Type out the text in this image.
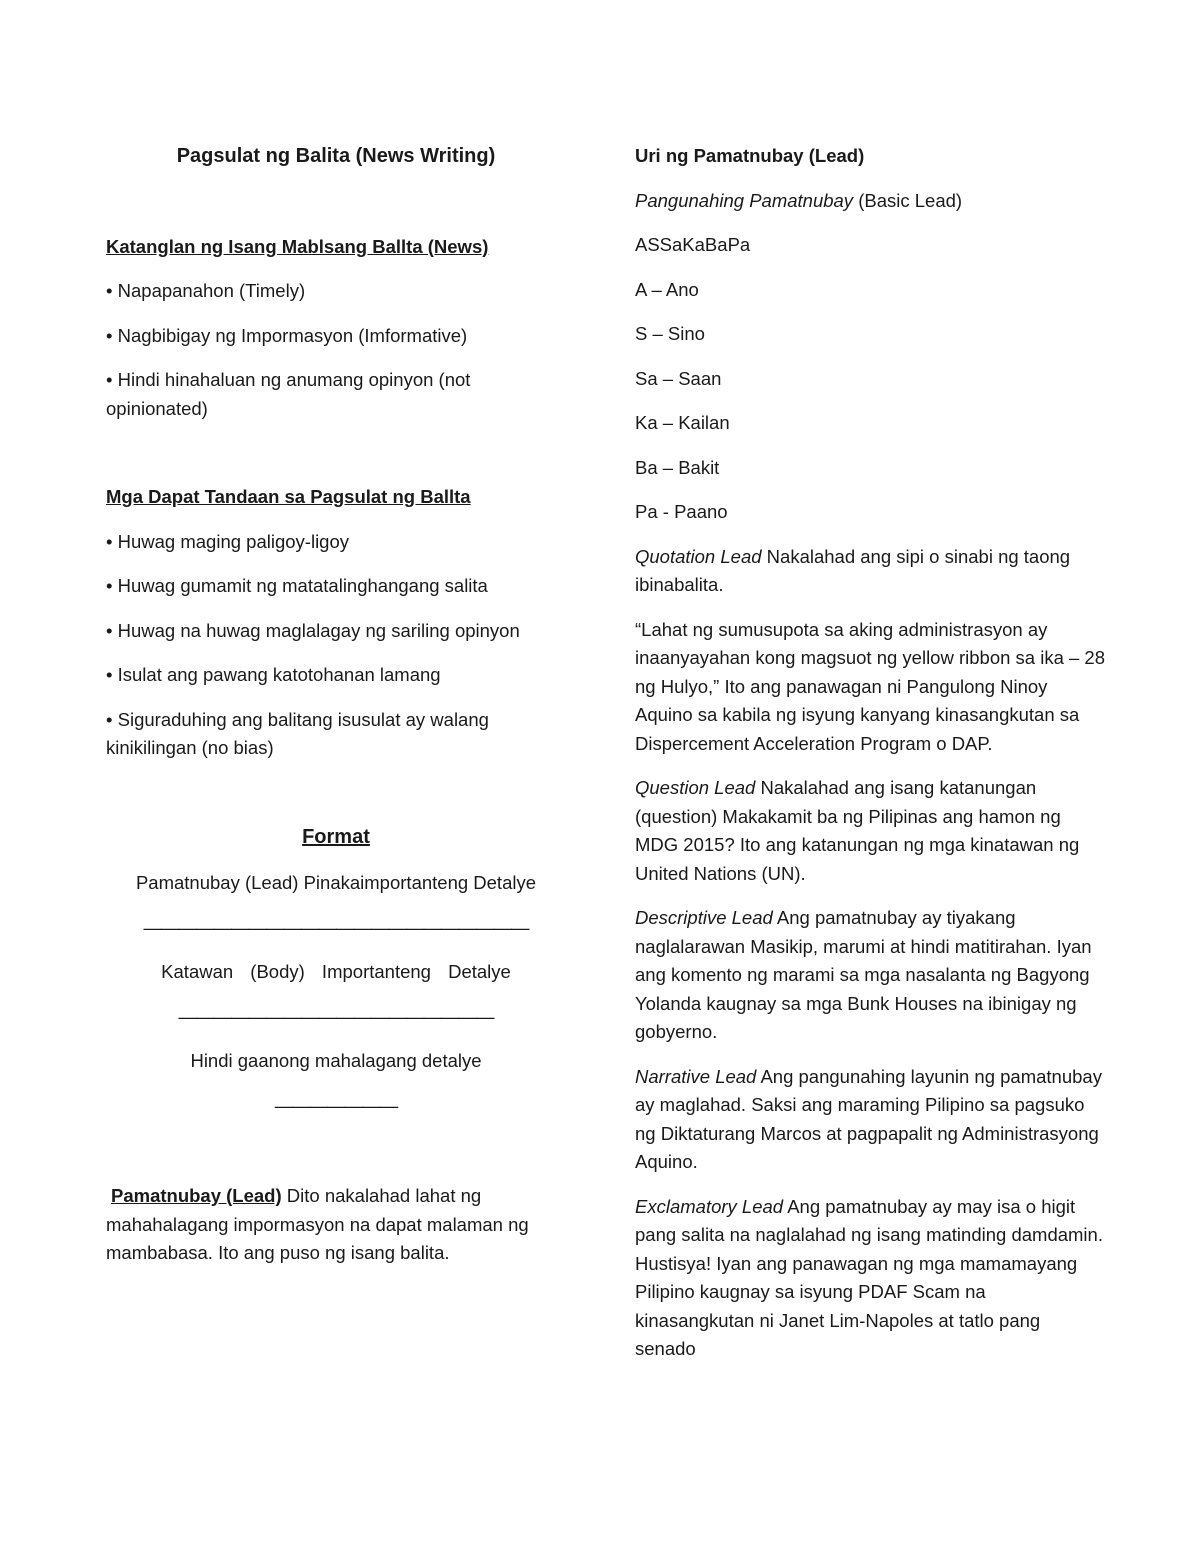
Pagsulat ng Balita (News Writing)

Katanglan ng Isang Mablsang Ballta (News)

• Napapanahon (Timely)

• Nagbibigay ng Impormasyon (Imformative)

• Hindi hinahaluan ng anumang opinyon (not opinionated)

Mga Dapat Tandaan sa Pagsulat ng Ballta

• Huwag maging paligoy-ligoy

• Huwag gumamit ng matatalinghangang salita

• Huwag na huwag maglalagay ng sariling opinyon

• Isulat ang pawang katotohanan lamang

• Siguraduhing ang balitang isusulat ay walang kinikilingan (no bias)

Format

Pamatnubay (Lead) Pinakaimportanteng Detalye

——————————————————————

Katawan (Body) Importanteng Detalye

——————————————————

Hindi gaanong mahalagang detalye

———————

Pamatnubay (Lead) Dito nakalahad lahat ng mahahalagang impormasyon na dapat malaman ng mambabasa. Ito ang puso ng isang balita.

Uri ng Pamatnubay (Lead)

Pangunahing Pamatnubay (Basic Lead)

ASSaKaBaPa

A – Ano

S – Sino

Sa – Saan

Ka – Kailan

Ba – Bakit

Pa - Paano

Quotation Lead Nakalahad ang sipi o sinabi ng taong ibinabalita.

“Lahat ng sumusupota sa aking administrasyon ay inaanyayahan kong magsuot ng yellow ribbon sa ika – 28 ng Hulyo,” Ito ang panawagan ni Pangulong Ninoy Aquino sa kabila ng isyung kanyang kinasangkutan sa Dispercement Acceleration Program o DAP.

Question Lead Nakalahad ang isang katanungan (question) Makakamit ba ng Pilipinas ang hamon ng MDG 2015? Ito ang katanungan ng mga kinatawan ng United Nations (UN).

Descriptive Lead Ang pamatnubay ay tiyakang naglalarawan Masikip, marumi at hindi matitirahan. Iyan ang komento ng marami sa mga nasalanta ng Bagyong Yolanda kaugnay sa mga Bunk Houses na ibinigay ng gobyerno.

Narrative Lead Ang pangunahing layunin ng pamatnubay ay maglahad. Saksi ang maraming Pilipino sa pagsuko ng Diktaturang Marcos at pagpapalit ng Administrasyong Aquino.

Exclamatory Lead Ang pamatnubay ay may isa o higit pang salita na naglalahad ng isang matinding damdamin. Hustisya! Iyan ang panawagan ng mga mamamayang Pilipino kaugnay sa isyung PDAF Scam na kinasangkutan ni Janet Lim-Napoles at tatlo pang senado
